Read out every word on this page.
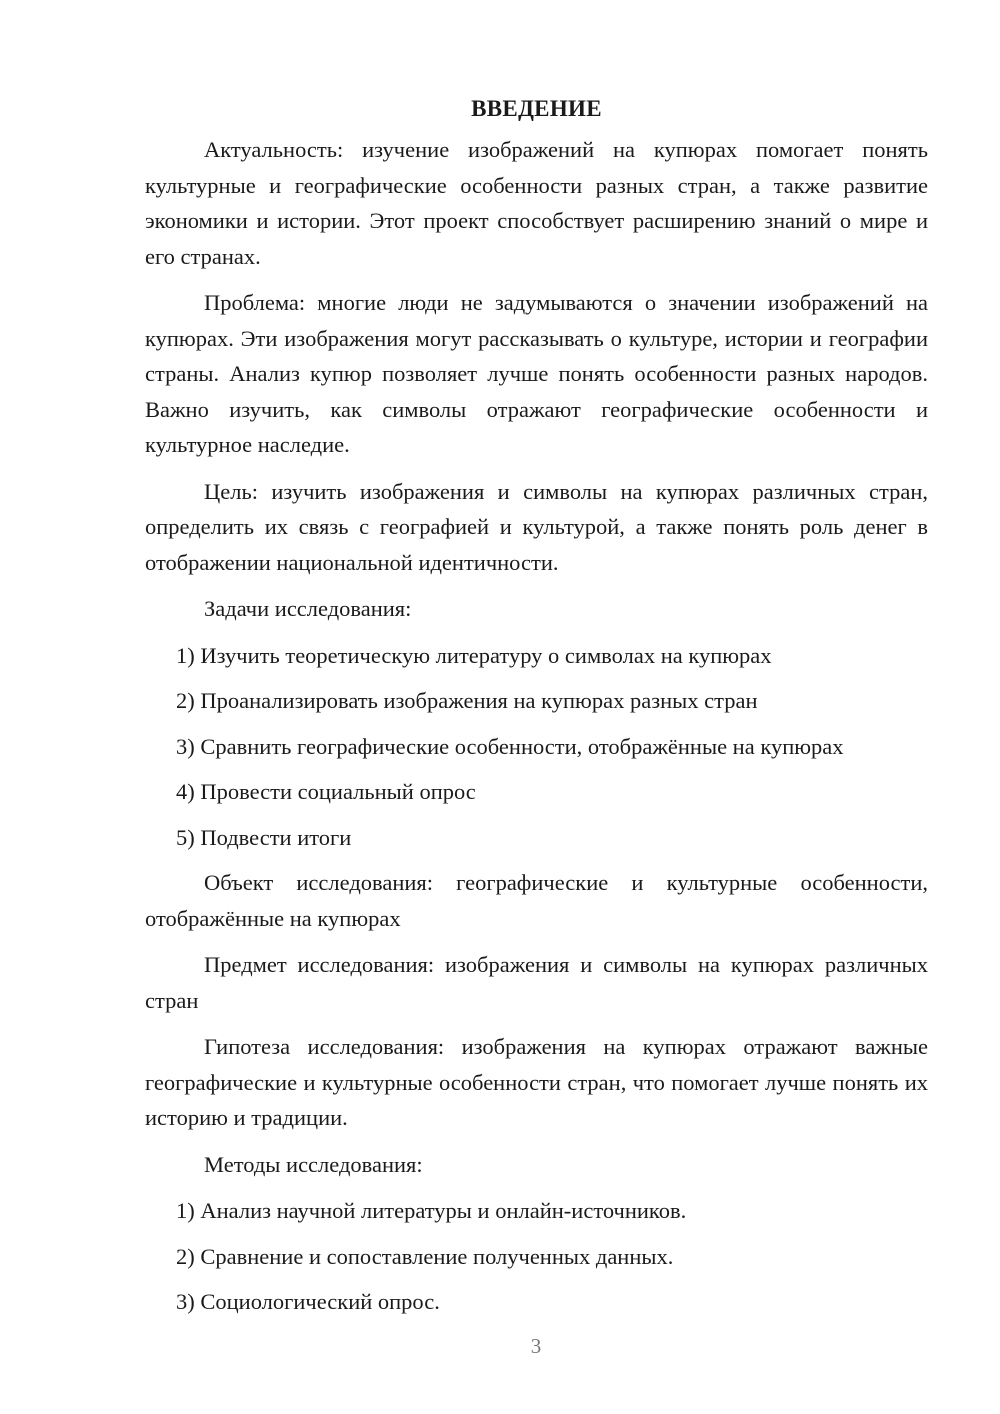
ВВЕДЕНИЕ

Актуальность: изучение изображений на купюрах помогает понять культурные и географические особенности разных стран, а также развитие экономики и истории. Этот проект способствует расширению знаний о мире и его странах.

Проблема: многие люди не задумываются о значении изображений на купюрах. Эти изображения могут рассказывать о культуре, истории и географии страны. Анализ купюр позволяет лучше понять особенности разных народов. Важно изучить, как символы отражают географические особенности и культурное наследие.

Цель: изучить изображения и символы на купюрах различных стран, определить их связь с географией и культурой, а также понять роль денег в отображении национальной идентичности.

Задачи исследования:

1) Изучить теоретическую литературу о символах на купюрах

2) Проанализировать изображения на купюрах разных стран

3) Сравнить географические особенности, отображённые на купюрах

4) Провести социальный опрос

5) Подвести итоги

Объект исследования: географические и культурные особенности, отображённые на купюрах

Предмет исследования: изображения и символы на купюрах различных стран

Гипотеза исследования: изображения на купюрах отражают важные географические и культурные особенности стран, что помогает лучше понять их историю и традиции.

Методы исследования:

1) Анализ научной литературы и онлайн-источников.

2) Сравнение и сопоставление полученных данных.

3) Социологический опрос.

3
